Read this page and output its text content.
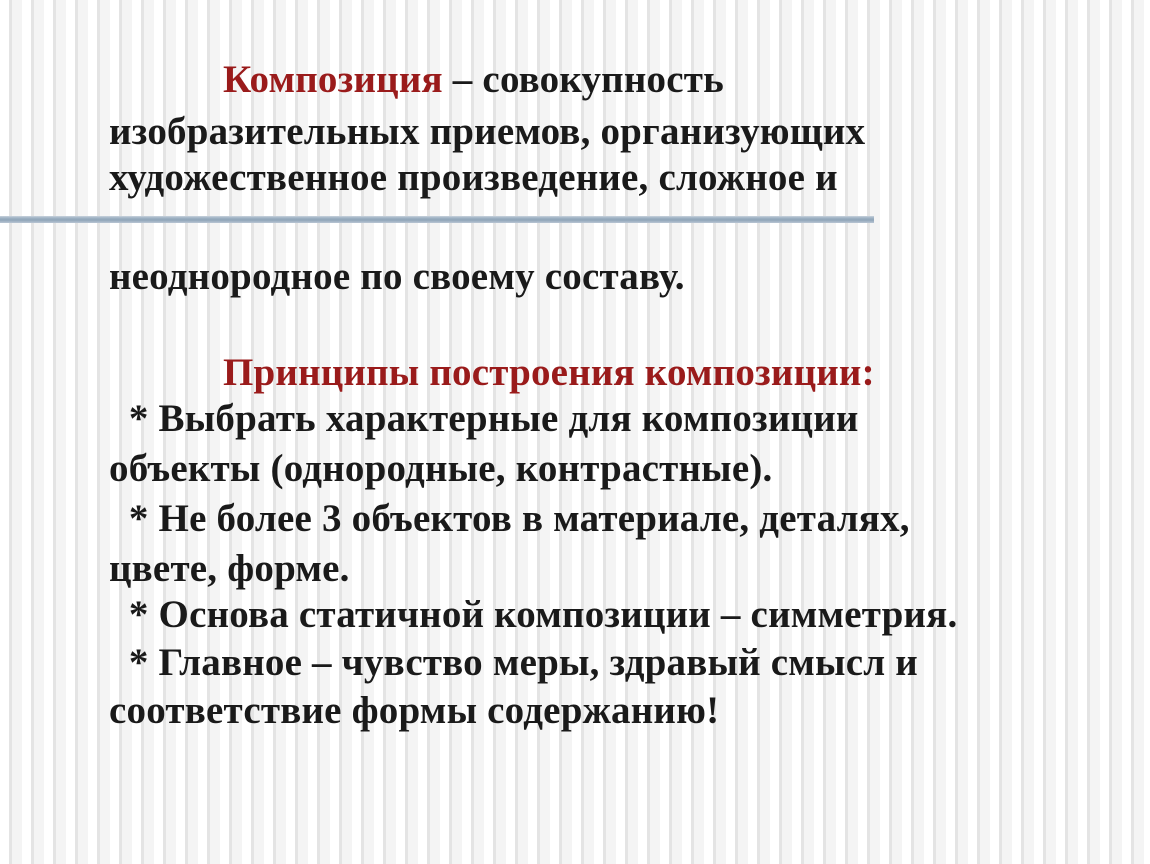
Композиция – совокупность
изобразительных приемов, организующих
художественное произведение, сложное и
неоднородное по своему составу.
Принципы построения композиции:
* Выбрать характерные для композиции
объекты (однородные, контрастные).
* Не более 3 объектов в материале, деталях,
цвете, форме.
* Основа статичной композиции – симметрия.
* Главное – чувство меры, здравый смысл и
соответствие формы содержанию!
